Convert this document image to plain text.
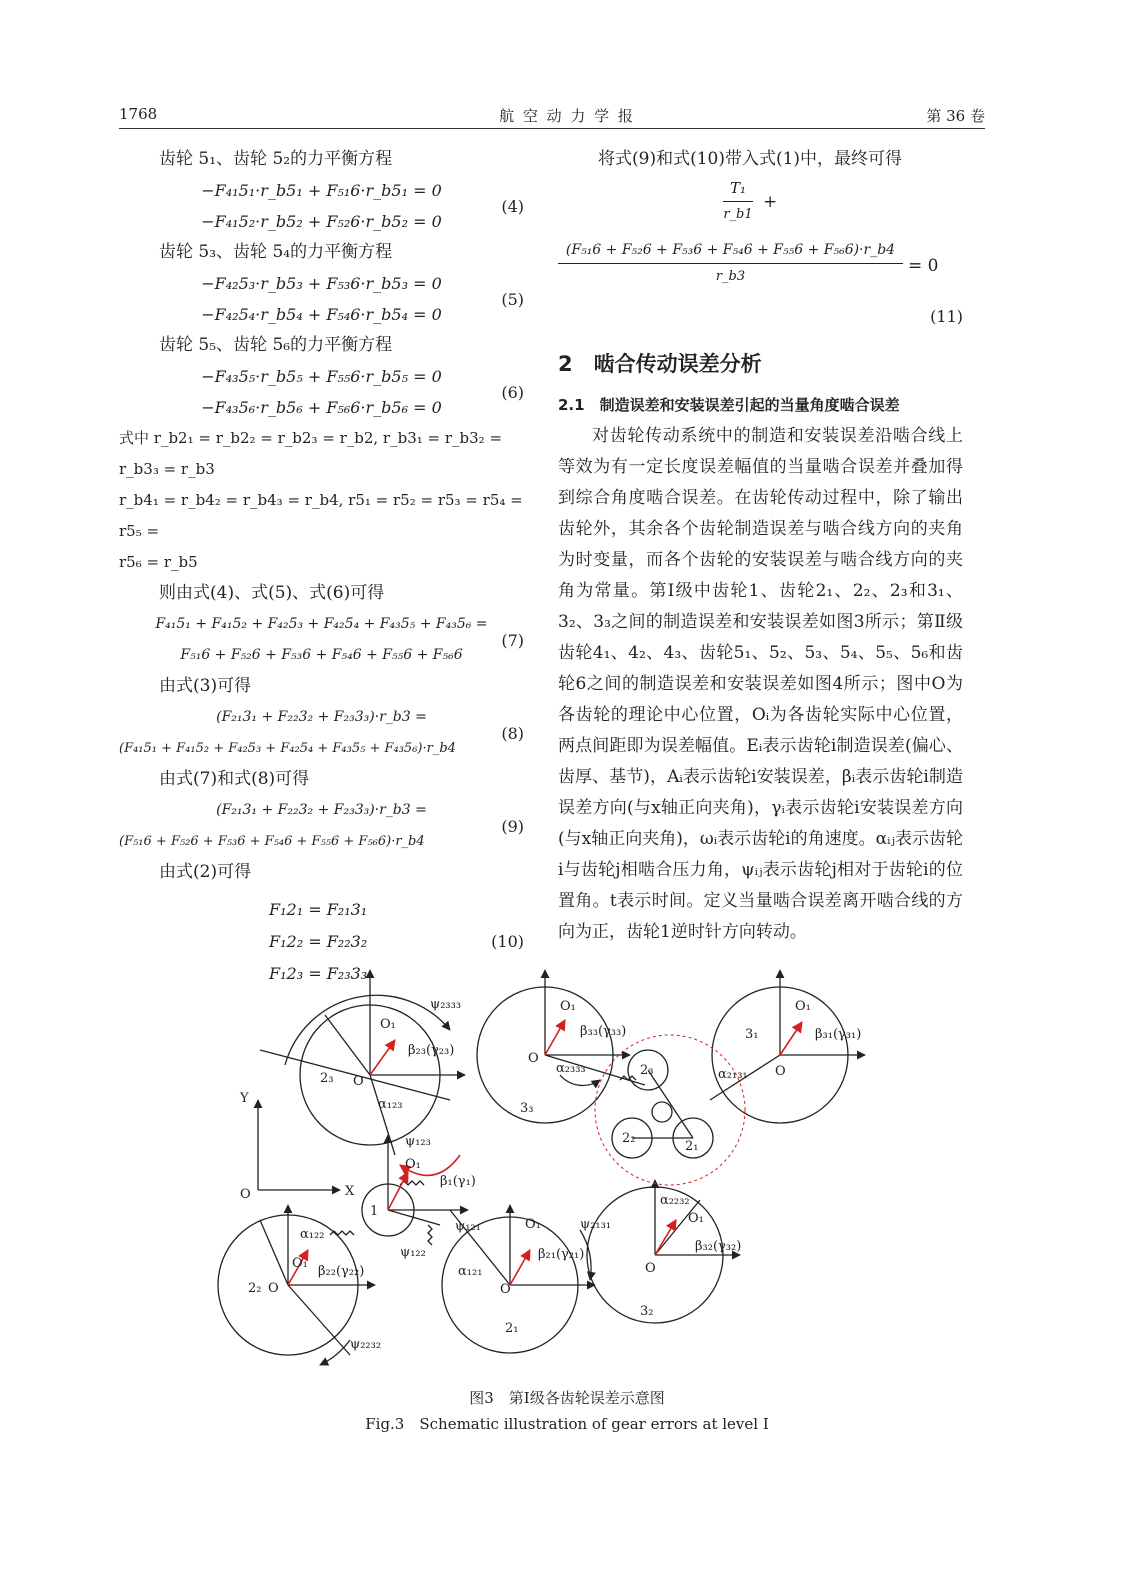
1768	航 空 动 力 学 报	第 36 卷
齿轮 5₁、齿轮 5₂的力平衡方程
−F₄₁5₁·r_b5₁ + F₅₁6·r_b5₁ = 0
−F₄₁5₂·r_b5₂ + F₅₂6·r_b5₂ = 0
(4)
齿轮 5₃、齿轮 5₄的力平衡方程
−F₄₂5₃·r_b5₃ + F₅₃6·r_b5₃ = 0
−F₄₂5₄·r_b5₄ + F₅₄6·r_b5₄ = 0
(5)
齿轮 5₅、齿轮 5₆的力平衡方程
−F₄₃5₅·r_b5₅ + F₅₅6·r_b5₅ = 0
−F₄₃5₆·r_b5₆ + F₅₆6·r_b5₆ = 0
(6)
式中 r_b2₁ = r_b2₂ = r_b2₃ = r_b2, r_b3₁ = r_b3₂ = r_b3₃ = r_b3
r_b4₁ = r_b4₂ = r_b4₃ = r_b4, r5₁ = r5₂ = r5₃ = r5₄ = r5₅ =
r5₆ = r_b5
则由式(4)、式(5)、式(6)可得
F₄₁5₁ + F₄₁5₂ + F₄₂5₃ + F₄₂5₄ + F₄₃5₅ + F₄₃5₆ =
F₅₁6 + F₅₂6 + F₅₃6 + F₅₄6 + F₅₅6 + F₅₆6
(7)
由式(3)可得
(F₂₁3₁ + F₂₂3₂ + F₂₃3₃)·r_b3 =
(F₄₁5₁ + F₄₁5₂ + F₄₂5₃ + F₄₂5₄ + F₄₃5₅ + F₄₃5₆)·r_b4
(8)
由式(7)和式(8)可得
(F₂₁3₁ + F₂₂3₂ + F₂₃3₃)·r_b3 =
(F₅₁6 + F₅₂6 + F₅₃6 + F₅₄6 + F₅₅6 + F₅₆6)·r_b4
(9)
由式(2)可得
F₁2₁ = F₂₁3₁
F₁2₂ = F₂₂3₂
F₁2₃ = F₂₃3₃
(10)
将式(9)和式(10)带入式(1)中，最终可得
$\frac{\text{T₁}}{r\_b1}$ +
$\frac{\text{(F₅₁6 + F₅₂6 + F₅₃6 + F₅₄6 + F₅₅6 + F₅₆6)·r\_b4}}{r\_b3} = 0$
(11)
2　啮合传动误差分析
2.1　制造误差和安装误差引起的当量角度啮合误差

对齿轮传动系统中的制造和安装误差沿啮合线上等效为有一定长度误差幅值的当量啮合误差并叠加得到综合角度啮合误差。在齿轮传动过程中，除了输出齿轮外，其余各个齿轮制造误差与啮合线方向的夹角为时变量，而各个齿轮的安装误差与啮合线方向的夹角为常量。第Ⅰ级中齿轮1、齿轮2₁、2₂、2₃和3₁、3₂、3₃之间的制造误差和安装误差如图3所示；第Ⅱ级齿轮4₁、4₂、4₃、齿轮5₁、5₂、5₃、5₄、5₅、5₆和齿轮6之间的制造误差和安装误差如图4所示；图中O为各齿轮的理论中心位置，Oᵢ为各齿轮实际中心位置，两点间距即为误差幅值。Eᵢ表示齿轮i制造误差(偏心、齿厚、基节)，Aᵢ表示齿轮i安装误差，βᵢ表示齿轮i制造误差方向(与x轴正向夹角)，γᵢ表示齿轮i安装误差方向(与x轴正向夹角)，ωᵢ表示齿轮i的角速度。αᵢⱼ表示齿轮i与齿轮j相啮合压力角，ψᵢⱼ表示齿轮j相对于齿轮i的位置角。t表示时间。定义当量啮合误差离开啮合线的方向为正，齿轮1逆时针方向转动。

Y
X
O
2₃ O
O₁
β₂₃(γ₂₃)
α₁₂₃
ψ₂₃₃₃
ψ₁₂₃
3₃
O
O₁
β₃₃(γ₃₃)
α₂₃₃₃
3₁
O
O₁
β₃₁(γ₃₁)
α₂₁₃₁
2₃
2₂
2₁
1
O₁
β₁(γ₁)
ψ₁₂₁
ψ₁₂₂
2₂ O
O₁
β₂₂(γ₂₂)
α₁₂₂
ψ₂₂₃₂
2₁
O
O₁
β₂₁(γ₂₁)
α₁₂₁
ψ₂₁₃₁
3₂
O
O₁
β₃₂(γ₃₂)
α₂₂₃₂
图3　第Ⅰ级各齿轮误差示意图
Fig.3　Schematic illustration of gear errors at level Ⅰ
